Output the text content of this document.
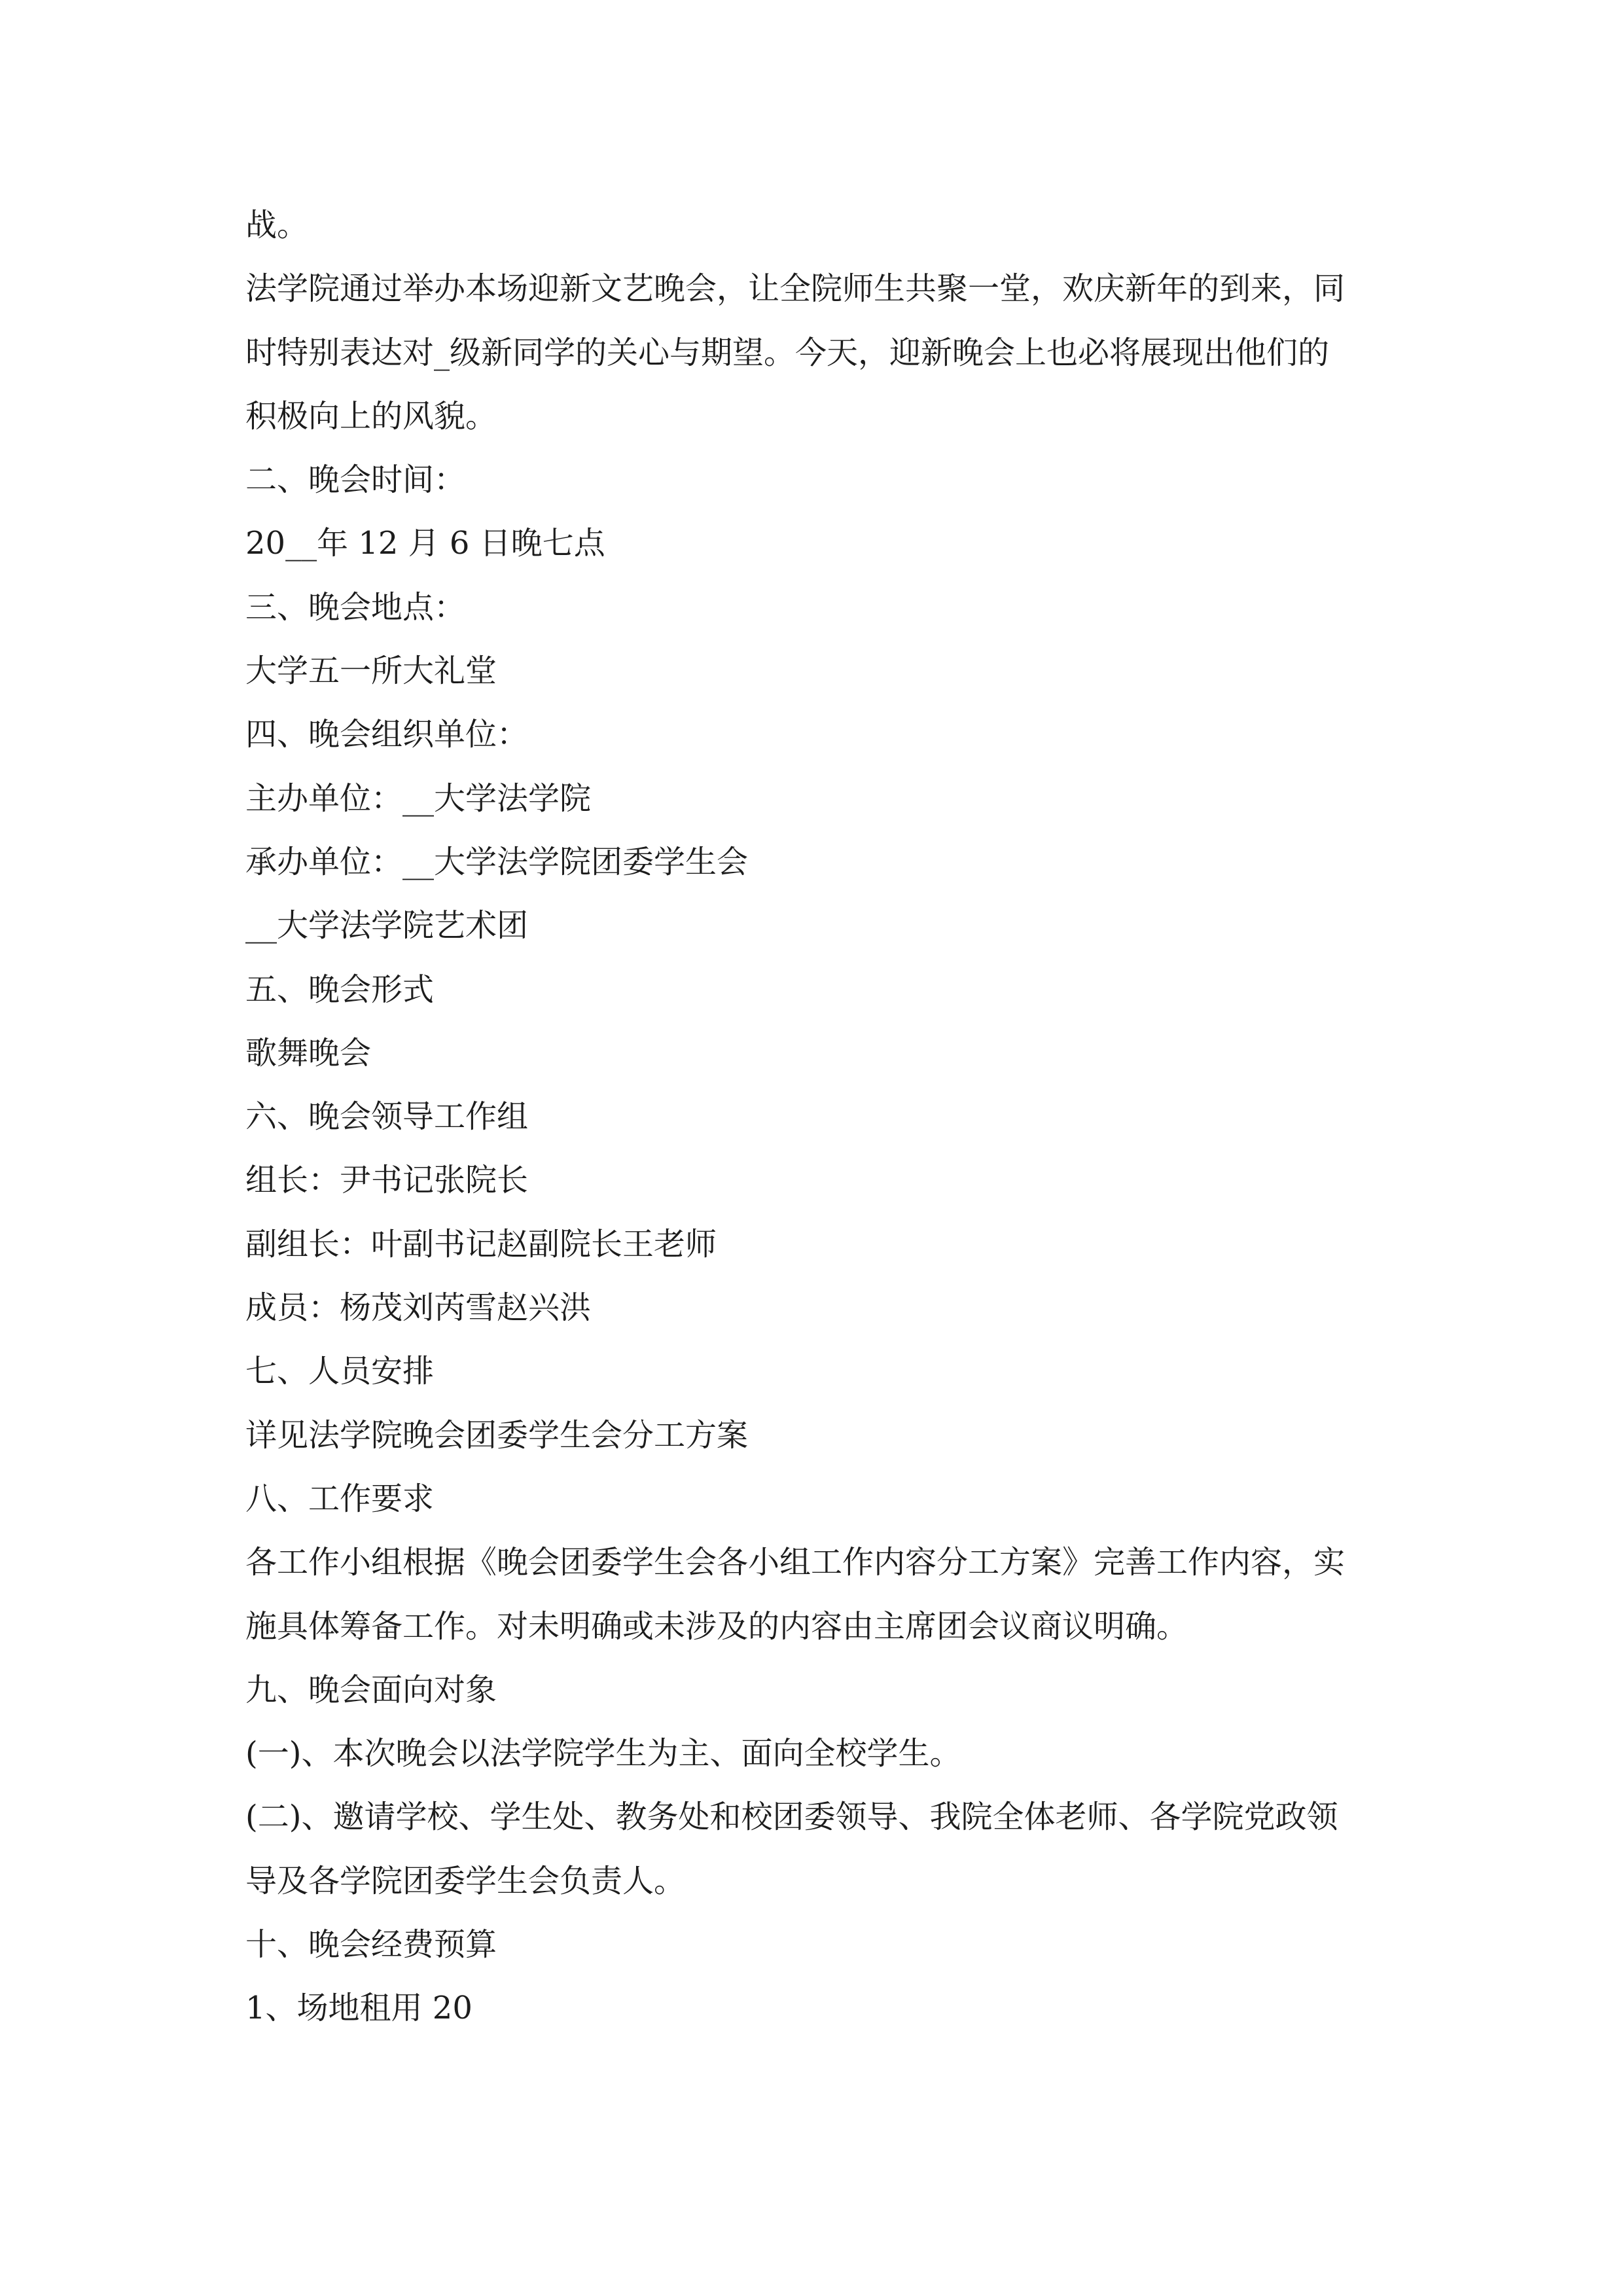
战。

法学院通过举办本场迎新文艺晚会，让全院师生共聚一堂，欢庆新年的到来，同

时特别表达对_级新同学的关心与期望。今天，迎新晚会上也必将展现出他们的

积极向上的风貌。

二、晚会时间：

20__年 12 月 6 日晚七点

三、晚会地点：

大学五一所大礼堂

四、晚会组织单位：

主办单位：__大学法学院

承办单位：__大学法学院团委学生会

__大学法学院艺术团

五、晚会形式

歌舞晚会

六、晚会领导工作组

组长：尹书记张院长

副组长：叶副书记赵副院长王老师

成员：杨茂刘芮雪赵兴洪

七、人员安排

详见法学院晚会团委学生会分工方案

八、工作要求

各工作小组根据《晚会团委学生会各小组工作内容分工方案》完善工作内容，实

施具体筹备工作。对未明确或未涉及的内容由主席团会议商议明确。

九、晚会面向对象

(一)、本次晚会以法学院学生为主、面向全校学生。

(二)、邀请学校、学生处、教务处和校团委领导、我院全体老师、各学院党政领

导及各学院团委学生会负责人。

十、晚会经费预算

1、场地租用 20
